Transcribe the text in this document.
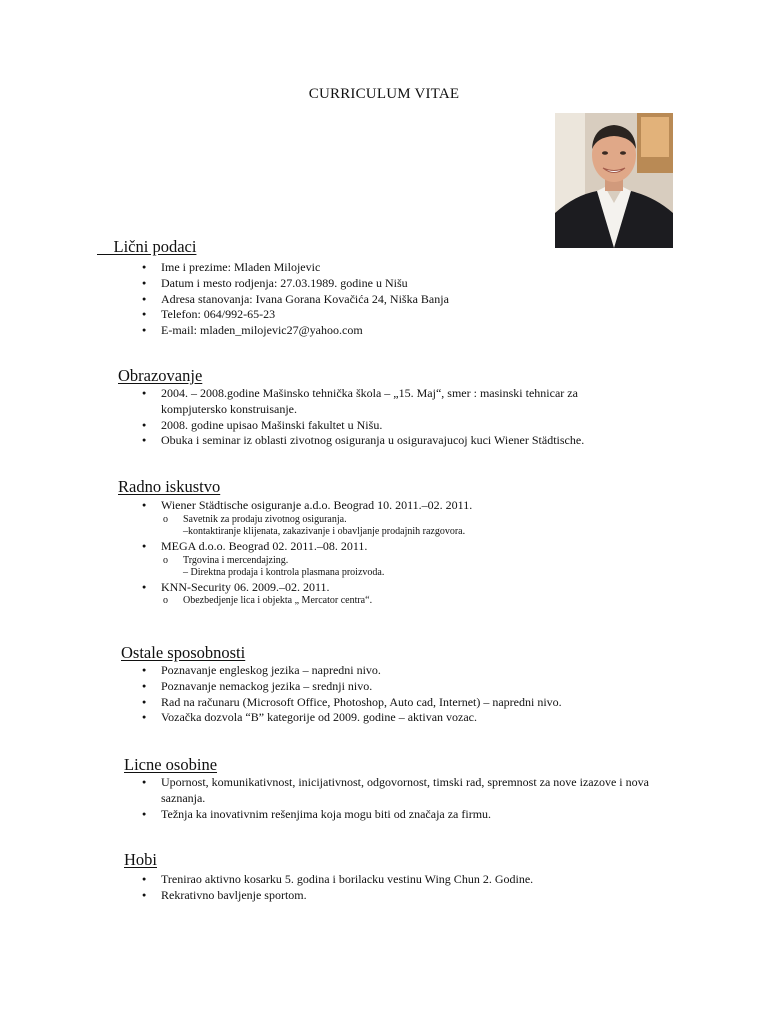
CURRICULUM VITAE
Lični podaci
● Ime i prezime: Mladen Milojevic
● Datum i mesto rodjenja: 27.03.1989. godine u Nišu
● Adresa stanovanja: Ivana Gorana Kovačića 24, Niška Banja
● Telefon: 064/992-65-23
● E-mail: mladen_milojevic27@yahoo.com
Obrazovanje
● 2004. – 2008.godine Mašinsko tehnička škola – „15. Maj“, smer : masinski tehnicar za kompjutersko konstruisanje.
● 2008. godine upisao Mašinski fakultet u Nišu.
● Obuka i seminar iz oblasti zivotnog osiguranja u osiguravajucoj kuci Wiener Städtische.
Radno iskustvo
● Wiener Städtische osiguranje a.d.o. Beograd 10. 2011.–02. 2011.
o Savetnik za prodaju zivotnog osiguranja.
–kontaktiranje klijenata, zakazivanje i obavljanje prodajnih razgovora.
● MEGA d.o.o. Beograd 02. 2011.–08. 2011.
o Trgovina i mercendajzing.
– Direktna prodaja i kontrola plasmana proizvoda.
● KNN-Security 06. 2009.–02. 2011.
o Obezbedjenje lica i objekta „ Mercator centra“.
Ostale sposobnosti
● Poznavanje engleskog jezika – napredni nivo.
● Poznavanje nemackog jezika – srednji nivo.
● Rad na računaru (Microsoft Office, Photoshop, Auto cad, Internet) – napredni nivo.
● Vozačka dozvola “B” kategorije od 2009. godine – aktivan vozac.
Licne osobine
● Upornost, komunikativnost, inicijativnost, odgovornost, timski rad, spremnost za nove izazove i nova saznanja.
● Težnja ka inovativnim rešenjima koja mogu biti od značaja za firmu.
Hobi
● Trenirao aktivno kosarku 5. godina i borilacku vestinu Wing Chun 2. Godine.
● Rekrativno bavljenje sportom.
